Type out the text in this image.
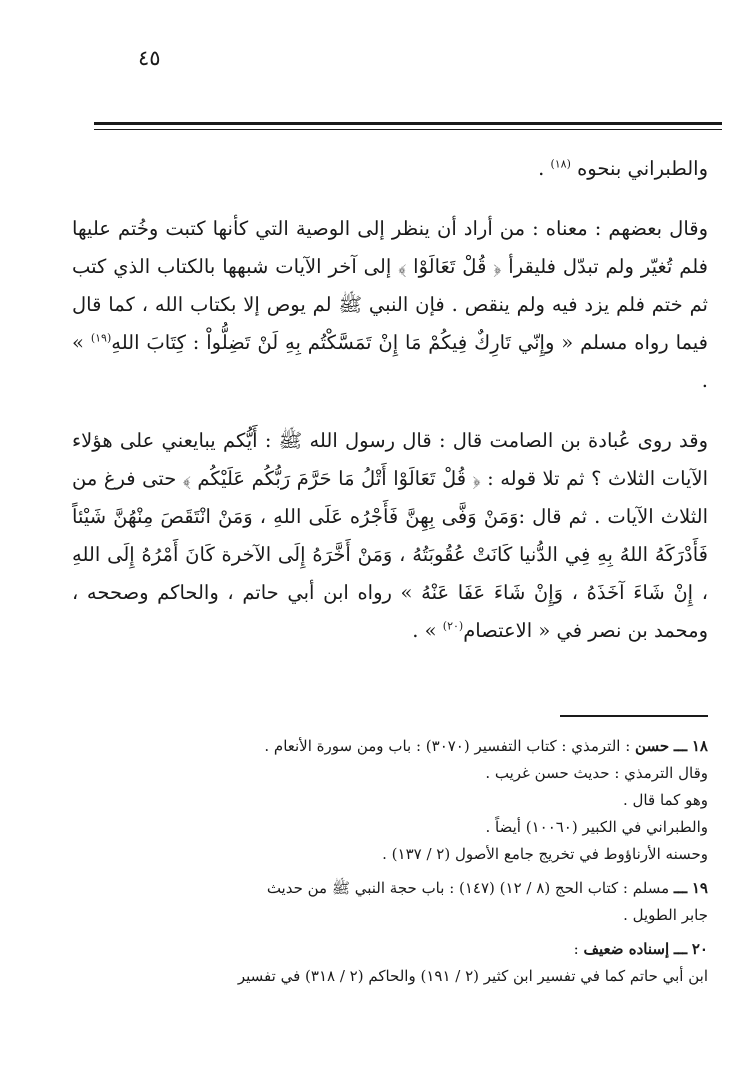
٤٥

والطبراني بنحوه $^{(١٨)}$ .

وقال بعضهم : معناه : من أراد أن ينظر إلى الوصية التي كأنها كتبت وخُتم عليها فلم تُغيّر ولم تبدّل فليقرأ ﴿ قُلْ تَعَالَوْا ﴾ إلى آخر الآيات شبهها بالكتاب الذي كتب ثم ختم فلم يزد فيه ولم ينقص . فإن النبي ﷺ لم يوص إلا بكتاب الله ، كما قال فيما رواه مسلم « وإِنّي تَارِكٌ فِيكُمْ مَا إِنْ تَمَسَّكْتُم بِهِ لَنْ تَضِلُّواْ : كِتَابَ اللهِ$^{(١٩)}$ » .

وقد روى عُبادة بن الصامت قال : قال رسول الله ﷺ : أَيُّكم يبايعني على هؤلاء الآيات الثلاث ؟ ثم تلا قوله : ﴿ قُلْ تَعَالَوْا أَتْلُ مَا حَرَّمَ رَبُّكُم عَلَيْكُم ﴾ حتى فرغ من الثلاث الآيات . ثم قال :وَمَنْ وَفَّى بِهِنَّ فَأَجْرُه عَلَى اللهِ ، وَمَنْ انْتَقَصَ مِنْهُنَّ شَيْئاً فَأَدْرَكَهُ اللهُ بِهِ فِي الدُّنيا كَانَتْ عُقُوبَتُهُ ، وَمَنْ أَخَّرَهُ إِلَى الآخرة كَانَ أَمْرُهُ إِلَى اللهِ ، إِنْ شَاءَ آخَذَهُ ، وَإِنْ شَاءَ عَفَا عَنْهُ » رواه ابن أبي حاتم ، والحاكم وصححه ، ومحمد بن نصر في « الاعتصام$^{(٢٠)}$ » .

١٨ ـــ حسن : الترمذي : كتاب التفسير (٣٠٧٠) : باب ومن سورة الأنعام .
وقال الترمذي : حديث حسن غريب .
وهو كما قال .
والطبراني في الكبير (١٠٠٦٠) أيضاً .
وحسنه الأرناؤوط في تخريج جامع الأصول (٢ / ١٣٧) .
١٩ ـــ مسلم : كتاب الحج (٨ / ١٢) (١٤٧) : باب حجة النبي ﷺ من حديث
جابر الطويل .
٢٠ ـــ إسناده ضعيف :
ابن أبي حاتم كما في تفسير ابن كثير (٢ / ١٩١) والحاكم (٢ / ٣١٨) في تفسير
